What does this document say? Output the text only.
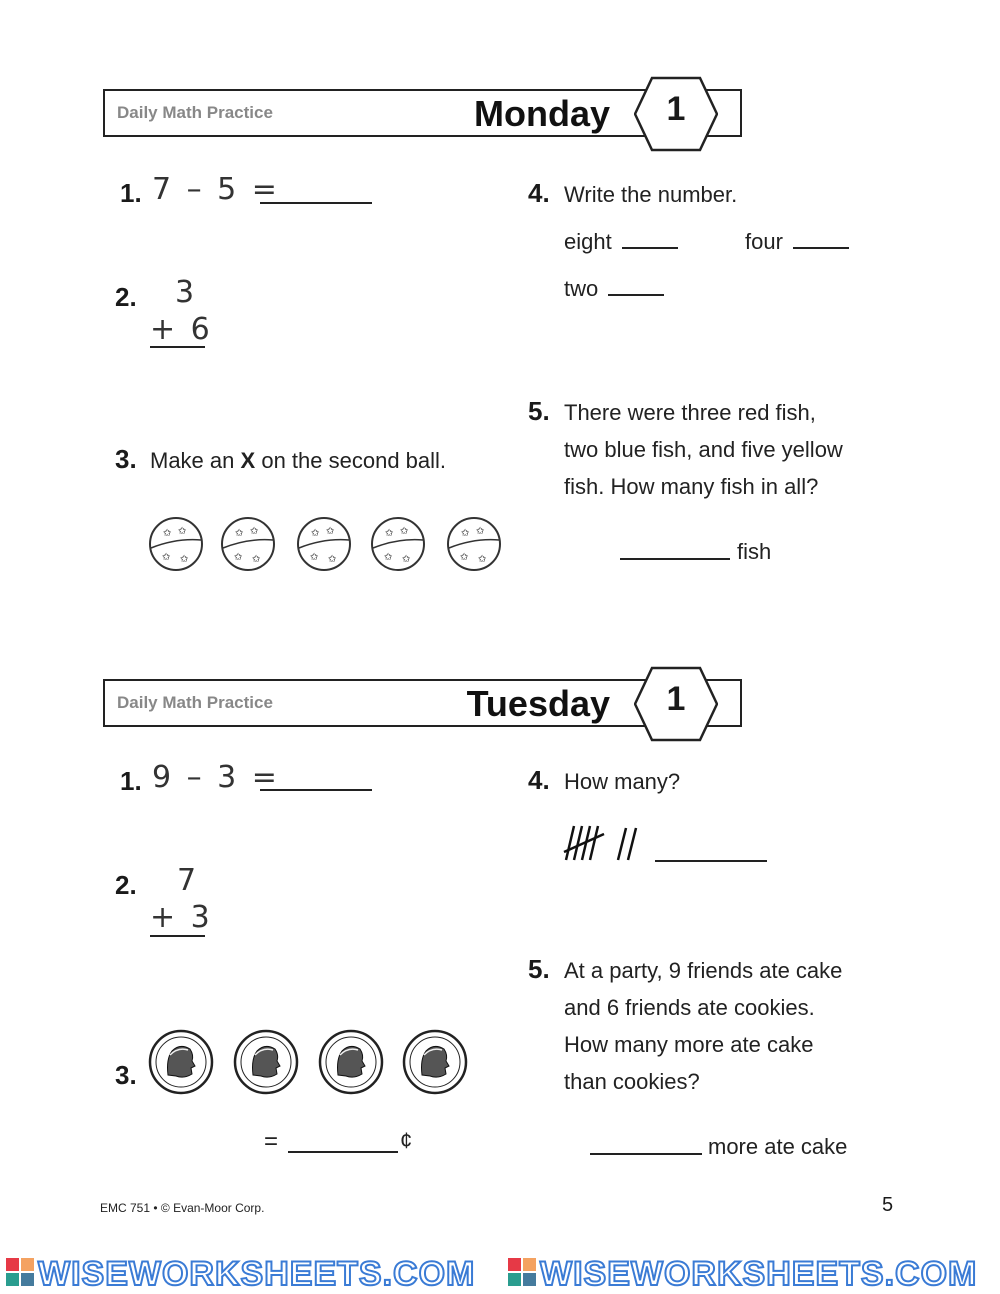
Daily Math Practice	Monday	1
1. 7 – 5 =
2. 3
+ 6
3. Make an X on the second ball.
✩ ✩
✩ ✩
✩ ✩
✩ ✩
✩ ✩
✩ ✩
✩ ✩
✩ ✩
✩ ✩
✩ ✩
4. Write the number.
eight	four
two
5. There were three red fish,
two blue fish, and five yellow
fish. How many fish in all?
fish
Daily Math Practice	Tuesday	1
1. 9 – 3 =
2. 7
+ 3
3.
=	¢
4. How many?
5. At a party, 9 friends ate cake
and 6 friends ate cookies.
How many more ate cake
than cookies?
more ate cake
EMC 751 • © Evan-Moor Corp.	5
WISEWORKSHEETS.COM WISEWORKSHEETS.COM
